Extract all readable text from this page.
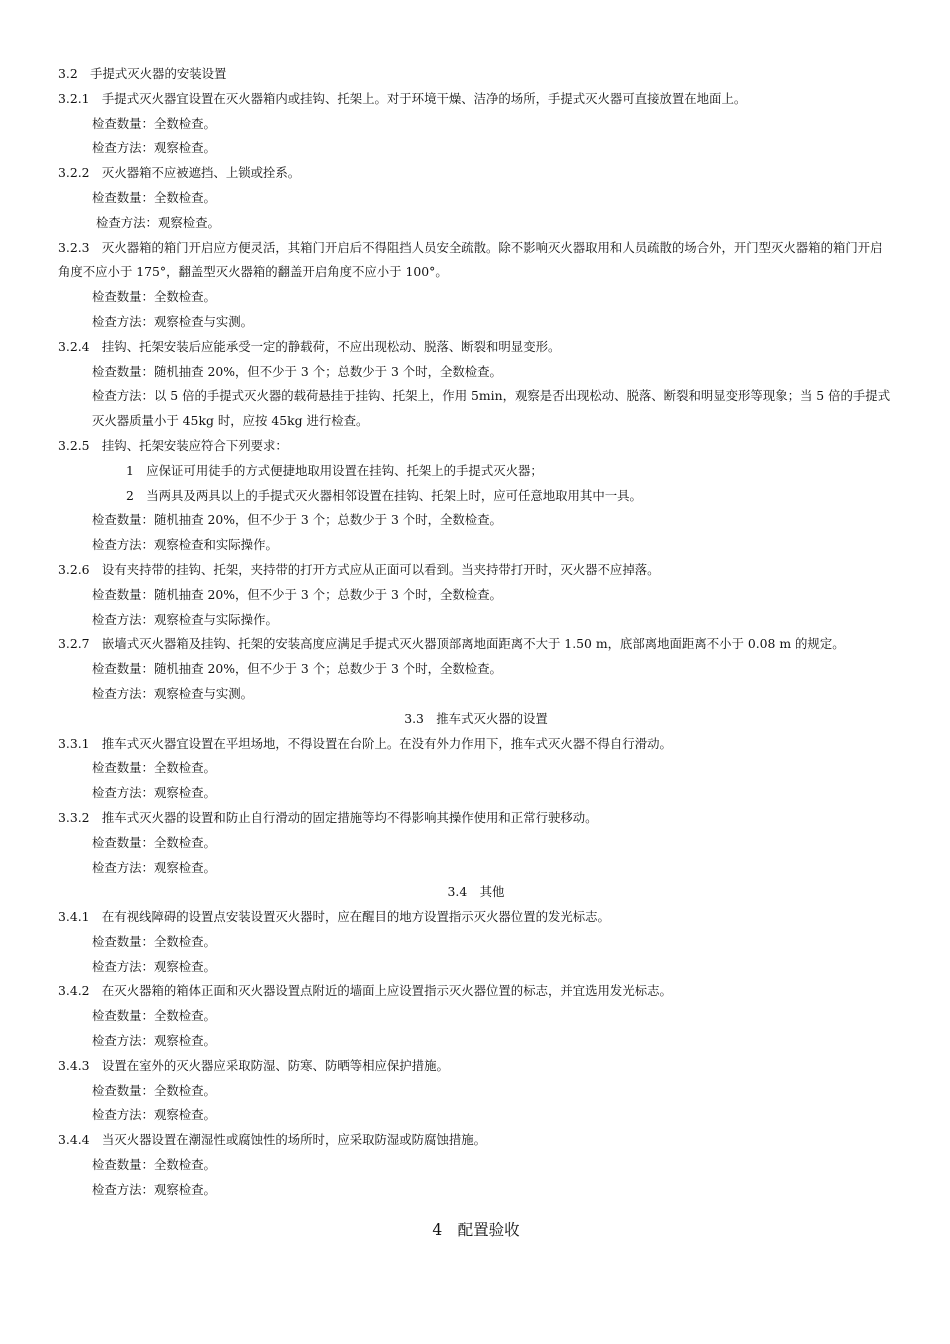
3.2　手提式灭火器的安装设置
3.2.1　手提式灭火器宜设置在灭火器箱内或挂钩、托架上。对于环境干燥、洁净的场所，手提式灭火器可直接放置在地面上。
检查数量：全数检查。
检查方法：观察检查。
3.2.2　灭火器箱不应被遮挡、上锁或拴系。
检查数量：全数检查。
检查方法：观察检查。
3.2.3　灭火器箱的箱门开启应方便灵活，其箱门开启后不得阻挡人员安全疏散。除不影响灭火器取用和人员疏散的场合外，开门型灭火器箱的箱门开启角度不应小于 175°，翻盖型灭火器箱的翻盖开启角度不应小于 100°。
检查数量：全数检查。
检查方法：观察检查与实测。
3.2.4　挂钩、托架安装后应能承受一定的静载荷，不应出现松动、脱落、断裂和明显变形。
检查数量：随机抽查 20%，但不少于 3 个；总数少于 3 个时，全数检查。
检查方法：以 5 倍的手提式灭火器的载荷悬挂于挂钩、托架上，作用 5min，观察是否出现松动、脱落、断裂和明显变形等现象；当 5 倍的手提式灭火器质量小于 45kg 时，应按 45kg 进行检查。
3.2.5　挂钩、托架安装应符合下列要求：
1　应保证可用徒手的方式便捷地取用设置在挂钩、托架上的手提式灭火器；
2　当两具及两具以上的手提式灭火器相邻设置在挂钩、托架上时，应可任意地取用其中一具。
检查数量：随机抽查 20%，但不少于 3 个；总数少于 3 个时，全数检查。
检查方法：观察检查和实际操作。
3.2.6　设有夹持带的挂钩、托架，夹持带的打开方式应从正面可以看到。当夹持带打开时，灭火器不应掉落。
检查数量：随机抽查 20%，但不少于 3 个；总数少于 3 个时，全数检查。
检查方法：观察检查与实际操作。
3.2.7　嵌墙式灭火器箱及挂钩、托架的安装高度应满足手提式灭火器顶部离地面距离不大于 1.50 m，底部离地面距离不小于 0.08 m 的规定。
检查数量：随机抽查 20%，但不少于 3 个；总数少于 3 个时，全数检查。
检查方法：观察检查与实测。
3.3　推车式灭火器的设置
3.3.1　推车式灭火器宜设置在平坦场地，不得设置在台阶上。在没有外力作用下，推车式灭火器不得自行滑动。
检查数量：全数检查。
检查方法：观察检查。
3.3.2　推车式灭火器的设置和防止自行滑动的固定措施等均不得影响其操作使用和正常行驶移动。
检查数量：全数检查。
检查方法：观察检查。
3.4　其他
3.4.1　在有视线障碍的设置点安装设置灭火器时，应在醒目的地方设置指示灭火器位置的发光标志。
检查数量：全数检查。
检查方法：观察检查。
3.4.2　在灭火器箱的箱体正面和灭火器设置点附近的墙面上应设置指示灭火器位置的标志，并宜选用发光标志。
检查数量：全数检查。
检查方法：观察检查。
3.4.3　设置在室外的灭火器应采取防湿、防寒、防晒等相应保护措施。
检查数量：全数检查。
检查方法：观察检查。
3.4.4　当灭火器设置在潮湿性或腐蚀性的场所时，应采取防湿或防腐蚀措施。
检查数量：全数检查。
检查方法：观察检查。
4　配置验收
